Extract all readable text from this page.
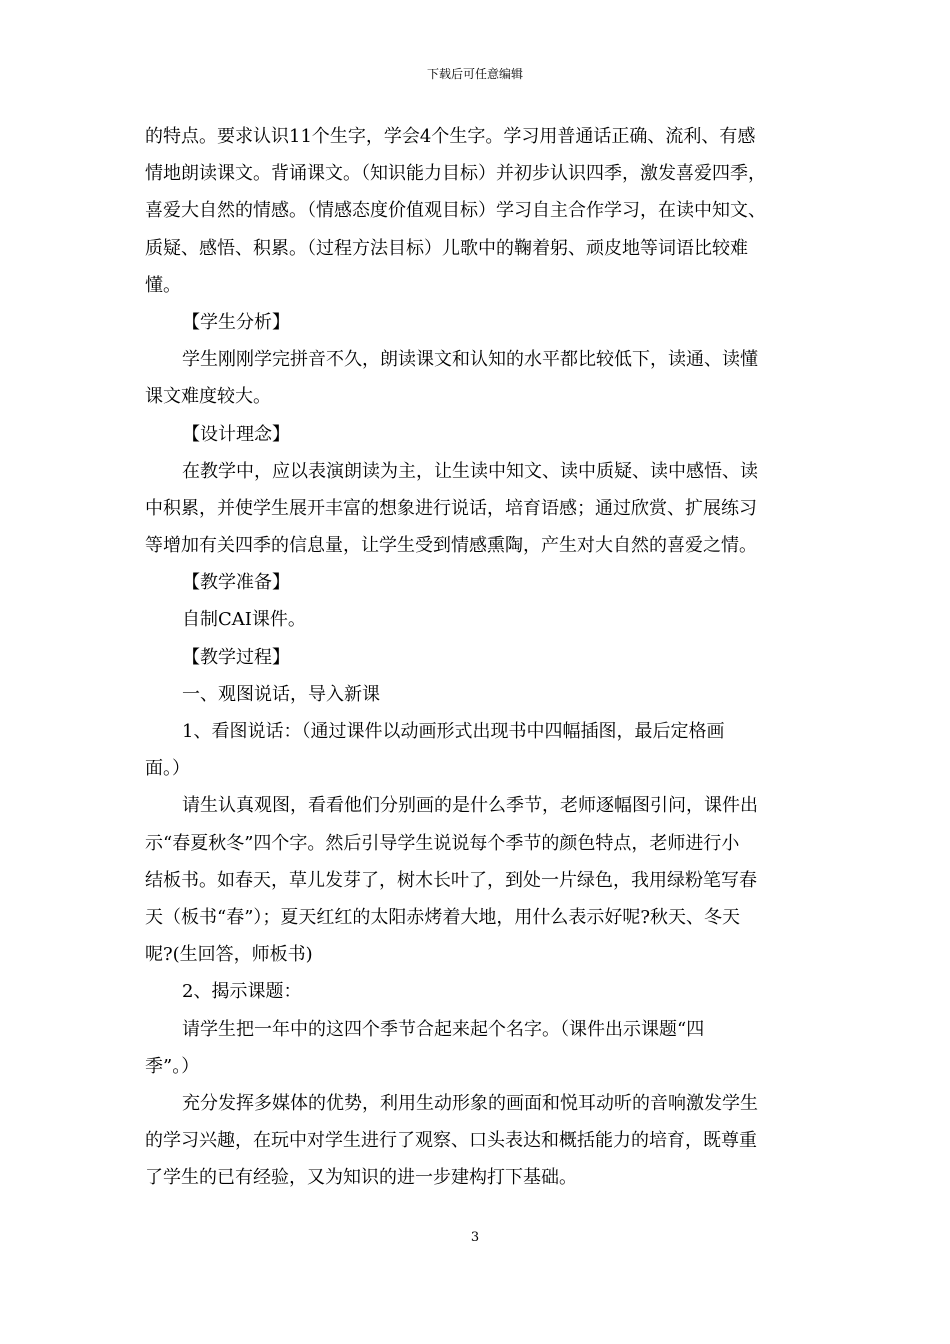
下载后可任意编辑
的特点。要求认识11个生字，学会4个生字。学习用普通话正确、流利、有感
情地朗读课文。背诵课文。（知识能力目标）并初步认识四季，激发喜爱四季，
喜爱大自然的情感。（情感态度价值观目标）学习自主合作学习，在读中知文、
质疑、感悟、积累。（过程方法目标）儿歌中的鞠着躬、顽皮地等词语比较难
懂。
【学生分析】
学生刚刚学完拼音不久，朗读课文和认知的水平都比较低下，读通、读懂
课文难度较大。
【设计理念】
在教学中，应以表演朗读为主，让生读中知文、读中质疑、读中感悟、读
中积累，并使学生展开丰富的想象进行说话，培育语感；通过欣赏、扩展练习
等增加有关四季的信息量，让学生受到情感熏陶，产生对大自然的喜爱之情。
【教学准备】
自制CAI课件。
【教学过程】
一、观图说话，导入新课
1、看图说话：（通过课件以动画形式出现书中四幅插图，最后定格画
面。）
请生认真观图，看看他们分别画的是什么季节，老师逐幅图引问，课件出
示“春夏秋冬”四个字。然后引导学生说说每个季节的颜色特点，老师进行小
结板书。如春天，草儿发芽了，树木长叶了，到处一片绿色，我用绿粉笔写春
天（板书“春”）；夏天红红的太阳赤烤着大地，用什么表示好呢?秋天、冬天
呢?(生回答，师板书)
2、揭示课题：
请学生把一年中的这四个季节合起来起个名字。（课件出示课题“四
季”。）
充分发挥多媒体的优势，利用生动形象的画面和悦耳动听的音响激发学生
的学习兴趣，在玩中对学生进行了观察、口头表达和概括能力的培育，既尊重
了学生的已有经验，又为知识的进一步建构打下基础。
3
